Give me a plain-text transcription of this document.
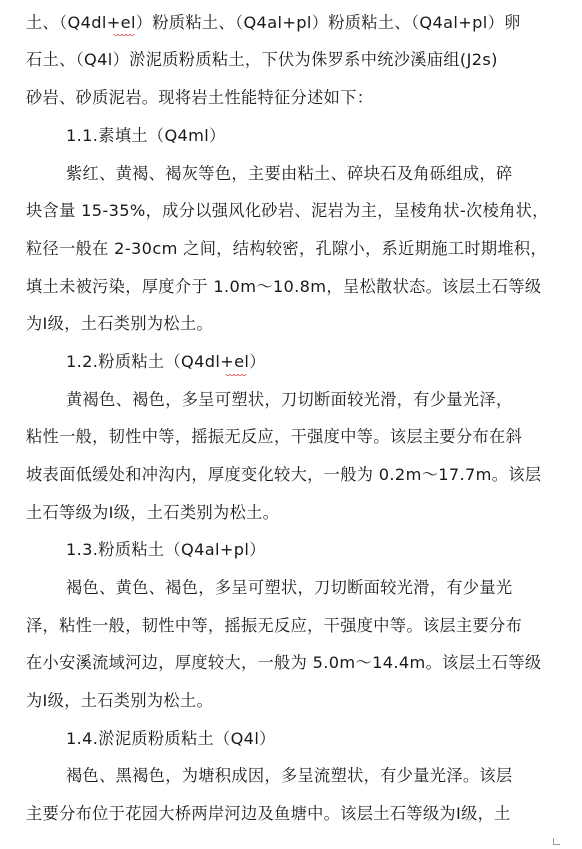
土、（Q4dl+el）粉质粘土、（Q4al+pl）粉质粘土、（Q4al+pl）卵
石土、（Q4l）淤泥质粉质粘土，下伏为侏罗系中统沙溪庙组(J2s)
砂岩、砂质泥岩。现将岩土性能特征分述如下：
1.1.素填土（Q4ml）
紫红、黄褐、褐灰等色，主要由粘土、碎块石及角砾组成，碎
块含量 15-35%，成分以强风化砂岩、泥岩为主，呈棱角状-次棱角状，
粒径一般在 2-30cm 之间，结构较密，孔隙小，系近期施工时期堆积，
填土未被污染，厚度介于 1.0m～10.8m，呈松散状态。该层土石等级
为Ⅰ级，土石类别为松土。
1.2.粉质粘土（Q4dl+el）
黄褐色、褐色，多呈可塑状，刀切断面较光滑，有少量光泽，
粘性一般，韧性中等，摇振无反应，干强度中等。该层主要分布在斜
坡表面低缓处和冲沟内，厚度变化较大，一般为 0.2m～17.7m。该层
土石等级为Ⅰ级，土石类别为松土。
1.3.粉质粘土（Q4al+pl）
褐色、黄色、褐色，多呈可塑状，刀切断面较光滑，有少量光
泽，粘性一般，韧性中等，摇振无反应，干强度中等。该层主要分布
在小安溪流域河边，厚度较大，一般为 5.0m～14.4m。该层土石等级
为Ⅰ级，土石类别为松土。
1.4.淤泥质粉质粘土（Q4l）
褐色、黑褐色，为塘积成因，多呈流塑状，有少量光泽。该层
主要分布位于花园大桥两岸河边及鱼塘中。该层土石等级为Ⅰ级，土
